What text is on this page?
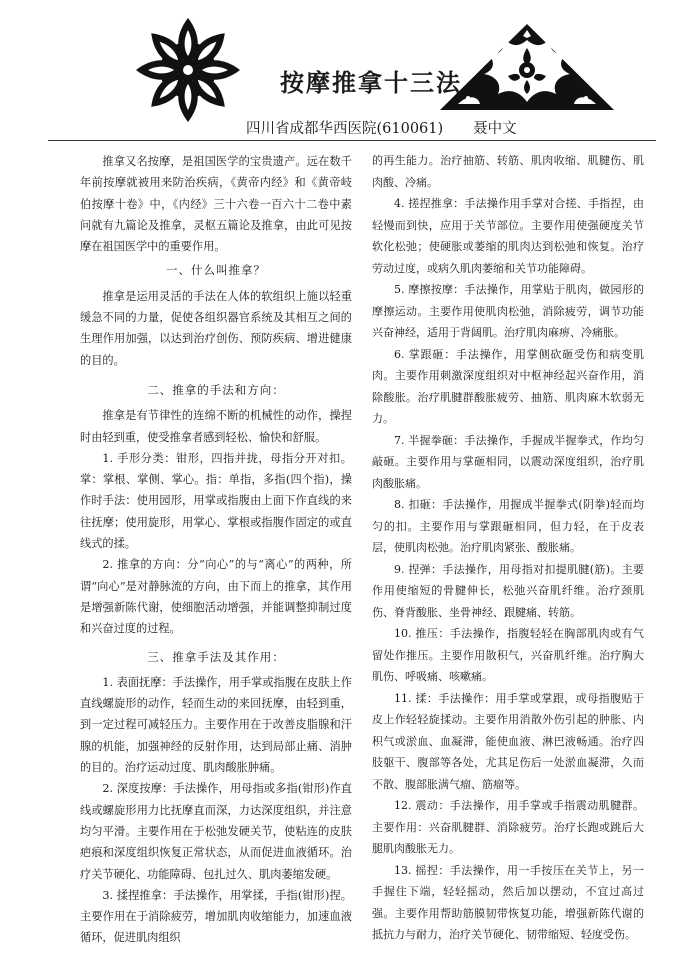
按摩推拿十三法
四川省成都华西医院(610061) 聂中文

推拿又名按摩，是祖国医学的宝贵遗产。远在数千年前按摩就被用来防治疾病，《黄帝内经》和《黄帝岐伯按摩十卷》中，《内经》三十六卷一百六十二卷中素问就有九篇论及推拿，灵枢五篇论及推拿，由此可见按摩在祖国医学中的重要作用。

一、什么叫推拿？

推拿是运用灵活的手法在人体的软组织上施以轻重缓急不同的力量，促使各组织器官系统及其相互之间的生理作用加强，以达到治疗创伤、预防疾病、增进健康的目的。

二、推拿的手法和方向：

推拿是有节律性的连绵不断的机械性的动作，操捏时由轻到重，使受推拿者感到轻松、愉快和舒服。

1. 手形分类：钳形，四指并拢，母指分开对扣。掌：掌根、掌侧、掌心。指：单指，多指(四个指)，操作时手法：使用园形，用掌或指腹由上面下作直线的来往抚摩；使用旋形，用掌心、掌根或指腹作固定的或直线式的揉。

2. 推拿的方向：分“向心”的与“离心”的两种，所谓“向心”是对静脉流的方向，由下而上的推拿，其作用是增强新陈代谢，使细胞活动增强，并能调整抑制过度和兴奋过度的过程。

三、推拿手法及其作用：

1. 表面抚摩：手法操作，用手掌或指腹在皮肤上作直线螺旋形的动作，轻而生动的来回抚摩，由轻到重，到一定过程可减轻压力。主要作用在于改善皮脂腺和汗腺的机能，加强神经的反射作用，达到局部止痛、消肿的目的。治疗运动过度、肌肉酸胀肿痛。

2. 深度按摩：手法操作，用母指或多指(钳形)作直线或螺旋形用力比抚摩直而深，力达深度组织，并注意均匀平滑。主要作用在于松弛发硬关节，使粘连的皮肤疤痕和深度组织恢复正常状态，从而促进血液循环。治疗关节硬化、功能障碍、包扎过久、肌肉萎缩发硬。

3. 揉捏推拿：手法操作，用掌揉，手指(钳形)捏。主要作用在于消除疲劳，增加肌肉收缩能力，加速血液循环，促进肌肉组织

的再生能力。治疗抽筋、转筋、肌肉收缩、肌腱伤、肌肉酸、冷痛。

4. 搓捏推拿：手法操作用手掌对合搓、手指捏，由轻慢而到快，应用于关节部位。主要作用使强硬度关节软化松弛；使硬胀或萎缩的肌肉达到松弛和恢复。治疗劳动过度，或病久肌肉萎缩和关节功能障碍。

5. 摩擦按摩：手法操作，用掌贴于肌肉，做园形的摩擦运动。主要作用使肌肉松弛，消除疲劳，调节功能兴奋神经，适用于背阔肌。治疗肌肉麻痹、冷痛胀。

6. 掌跟砸：手法操作，用掌侧砍砸受伤和病变肌肉。主要作用刺激深度组织对中枢神经起兴奋作用，消除酸胀。治疗肌腱群酸胀疲劳、抽筋、肌肉麻木软弱无力。

7. 半握拳砸：手法操作，手握成半握拳式，作均匀敲砸。主要作用与掌砸相同，以震动深度组织，治疗肌肉酸胀痛。

8. 扣砸：手法操作，用握成半握拳式(阴拳)轻而均匀的扣。主要作用与掌跟砸相同，但力轻，在于皮表层，使肌肉松弛。治疗肌肉紧张、酸胀痛。

9. 捏弹：手法操作，用母指对扣提肌腱(筋)。主要作用使缩短的骨腱伸长，松弛兴奋肌纤维。治疗颈肌伤、脊背酸胀、坐骨神经、跟腱痛、转筋。

10. 推压：手法操作，指腹轻轻在胸部肌肉或有气留处作推压。主要作用散积气，兴奋肌纤维。治疗胸大肌伤、呼吸痛、咳嗽痛。

11. 揉：手法操作：用手掌或掌跟，或母指腹贴于皮上作轻轻旋揉动。主要作用消散外伤引起的肿胀、内积气或淤血、血凝滞，能使血液、淋巴液畅通。治疗四肢躯干、腹部等各处，尤其足伤后一处淤血凝滞，久而不散、腹部胀满气瘤、筋瘤等。

12. 震动：手法操作，用手掌或手指震动肌腱群。主要作用：兴奋肌腱群、消除疲劳。治疗长跑或跳后大腿肌肉酸胀无力。

13. 摇捏：手法操作，用一手按压在关节上，另一手握住下端，轻轻摇动，然后加以摆动，不宜过高过强。主要作用帮助筋膜韧带恢复功能，增强新陈代谢的抵抗力与耐力，治疗关节硬化、韧带缩短、轻度受伤。
